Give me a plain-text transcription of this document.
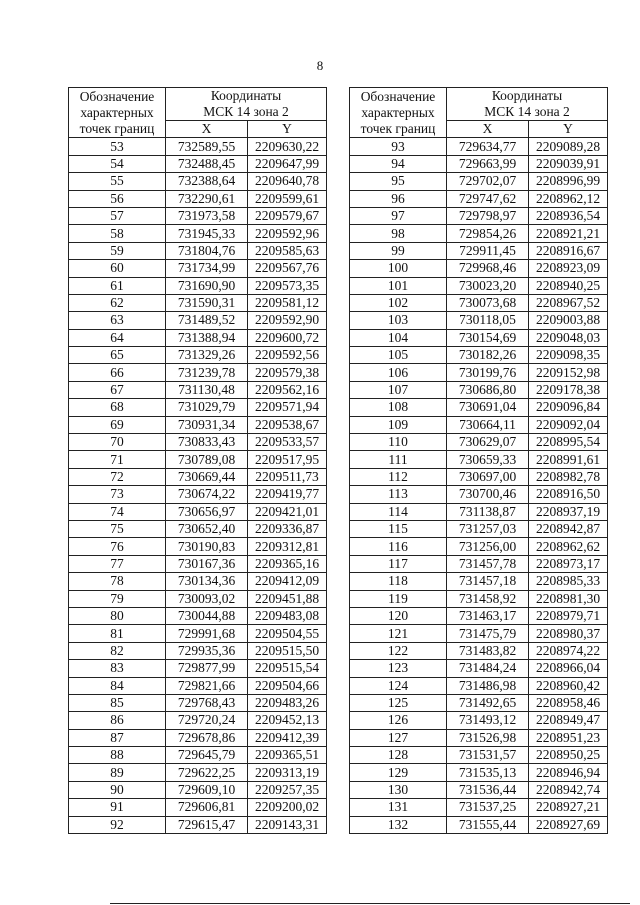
8
Обозначение
характерных
точек границ	Координаты
МСК 14 зона 2	
	X	Y
53	732589,55	2209630,22
54	732488,45	2209647,99
55	732388,64	2209640,78
56	732290,61	2209599,61
57	731973,58	2209579,67
58	731945,33	2209592,96
59	731804,76	2209585,63
60	731734,99	2209567,76
61	731690,90	2209573,35
62	731590,31	2209581,12
63	731489,52	2209592,90
64	731388,94	2209600,72
65	731329,26	2209592,56
66	731239,78	2209579,38
67	731130,48	2209562,16
68	731029,79	2209571,94
69	730931,34	2209538,67
70	730833,43	2209533,57
71	730789,08	2209517,95
72	730669,44	2209511,73
73	730674,22	2209419,77
74	730656,97	2209421,01
75	730652,40	2209336,87
76	730190,83	2209312,81
77	730167,36	2209365,16
78	730134,36	2209412,09
79	730093,02	2209451,88
80	730044,88	2209483,08
81	729991,68	2209504,55
82	729935,36	2209515,50
83	729877,99	2209515,54
84	729821,66	2209504,66
85	729768,43	2209483,26
86	729720,24	2209452,13
87	729678,86	2209412,39
88	729645,79	2209365,51
89	729622,25	2209313,19
90	729609,10	2209257,35
91	729606,81	2209200,02
92	729615,47	2209143,31
Обозначение
характерных
точек границ	Координаты
МСК 14 зона 2	
	X	Y
93	729634,77	2209089,28
94	729663,99	2209039,91
95	729702,07	2208996,99
96	729747,62	2208962,12
97	729798,97	2208936,54
98	729854,26	2208921,21
99	729911,45	2208916,67
100	729968,46	2208923,09
101	730023,20	2208940,25
102	730073,68	2208967,52
103	730118,05	2209003,88
104	730154,69	2209048,03
105	730182,26	2209098,35
106	730199,76	2209152,98
107	730686,80	2209178,38
108	730691,04	2209096,84
109	730664,11	2209092,04
110	730629,07	2208995,54
111	730659,33	2208991,61
112	730697,00	2208982,78
113	730700,46	2208916,50
114	731138,87	2208937,19
115	731257,03	2208942,87
116	731256,00	2208962,62
117	731457,78	2208973,17
118	731457,18	2208985,33
119	731458,92	2208981,30
120	731463,17	2208979,71
121	731475,79	2208980,37
122	731483,82	2208974,22
123	731484,24	2208966,04
124	731486,98	2208960,42
125	731492,65	2208958,46
126	731493,12	2208949,47
127	731526,98	2208951,23
128	731531,57	2208950,25
129	731535,13	2208946,94
130	731536,44	2208942,74
131	731537,25	2208927,21
132	731555,44	2208927,69
